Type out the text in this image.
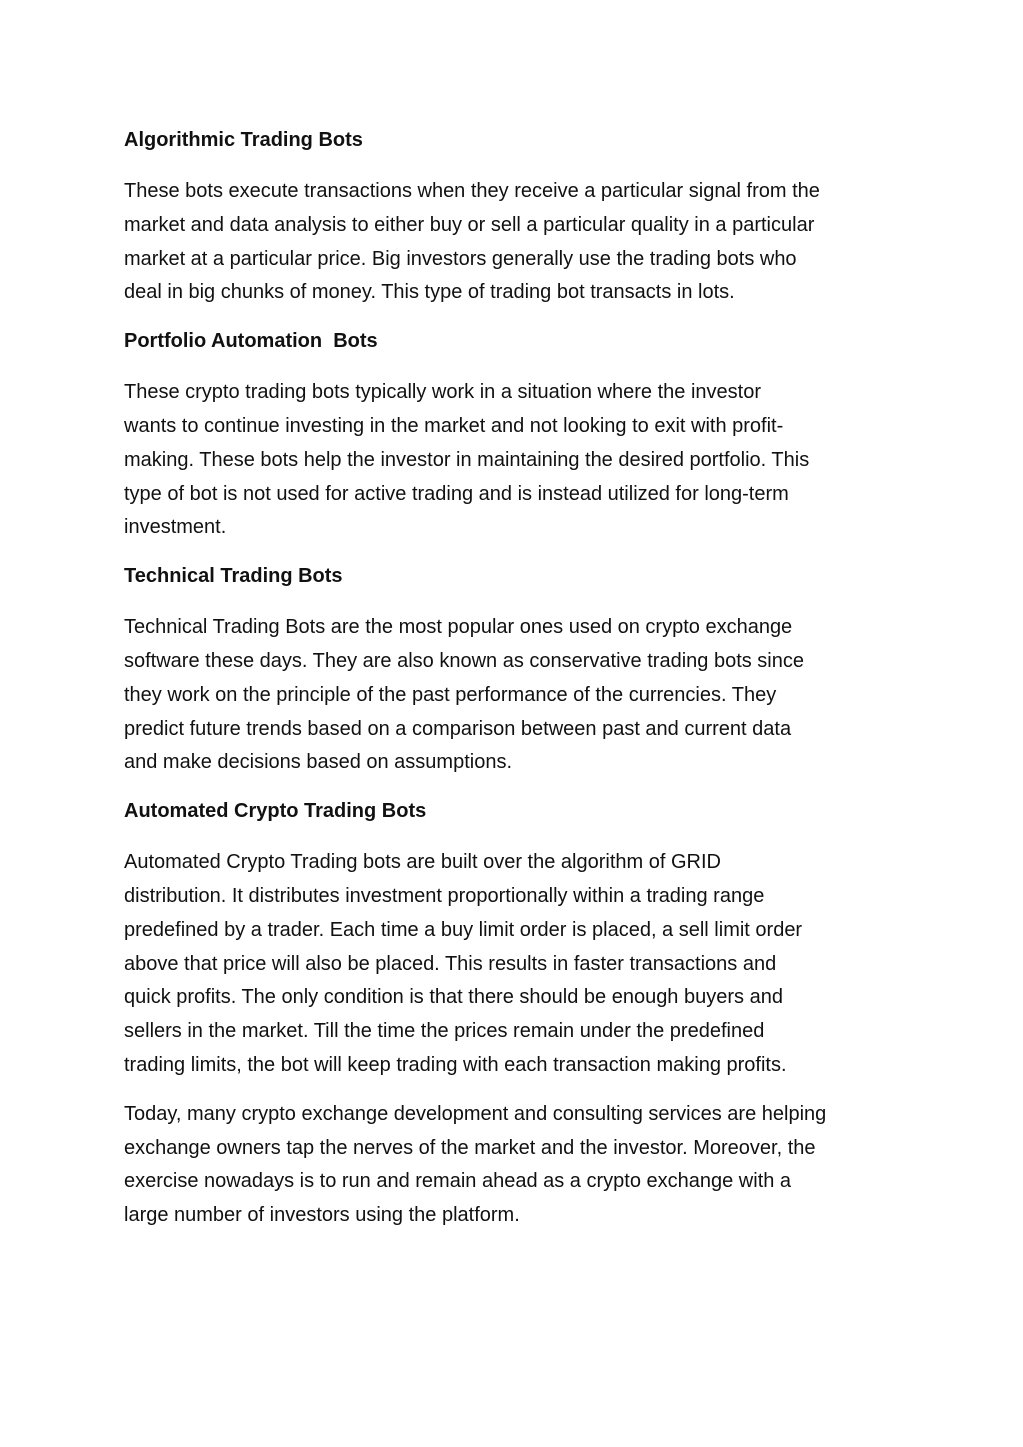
Algorithmic Trading Bots
These bots execute transactions when they receive a particular signal from the
market and data analysis to either buy or sell a particular quality in a particular
market at a particular price. Big investors generally use the trading bots who
deal in big chunks of money. This type of trading bot transacts in lots.
Portfolio Automation  Bots
These crypto trading bots typically work in a situation where the investor
wants to continue investing in the market and not looking to exit with profit-
making. These bots help the investor in maintaining the desired portfolio. This
type of bot is not used for active trading and is instead utilized for long-term
investment.
Technical Trading Bots
Technical Trading Bots are the most popular ones used on crypto exchange
software these days. They are also known as conservative trading bots since
they work on the principle of the past performance of the currencies. They
predict future trends based on a comparison between past and current data
and make decisions based on assumptions.
Automated Crypto Trading Bots
Automated Crypto Trading bots are built over the algorithm of GRID
distribution. It distributes investment proportionally within a trading range
predefined by a trader. Each time a buy limit order is placed, a sell limit order
above that price will also be placed. This results in faster transactions and
quick profits. The only condition is that there should be enough buyers and
sellers in the market. Till the time the prices remain under the predefined
trading limits, the bot will keep trading with each transaction making profits.
Today, many crypto exchange development and consulting services are helping
exchange owners tap the nerves of the market and the investor. Moreover, the
exercise nowadays is to run and remain ahead as a crypto exchange with a
large number of investors using the platform.
